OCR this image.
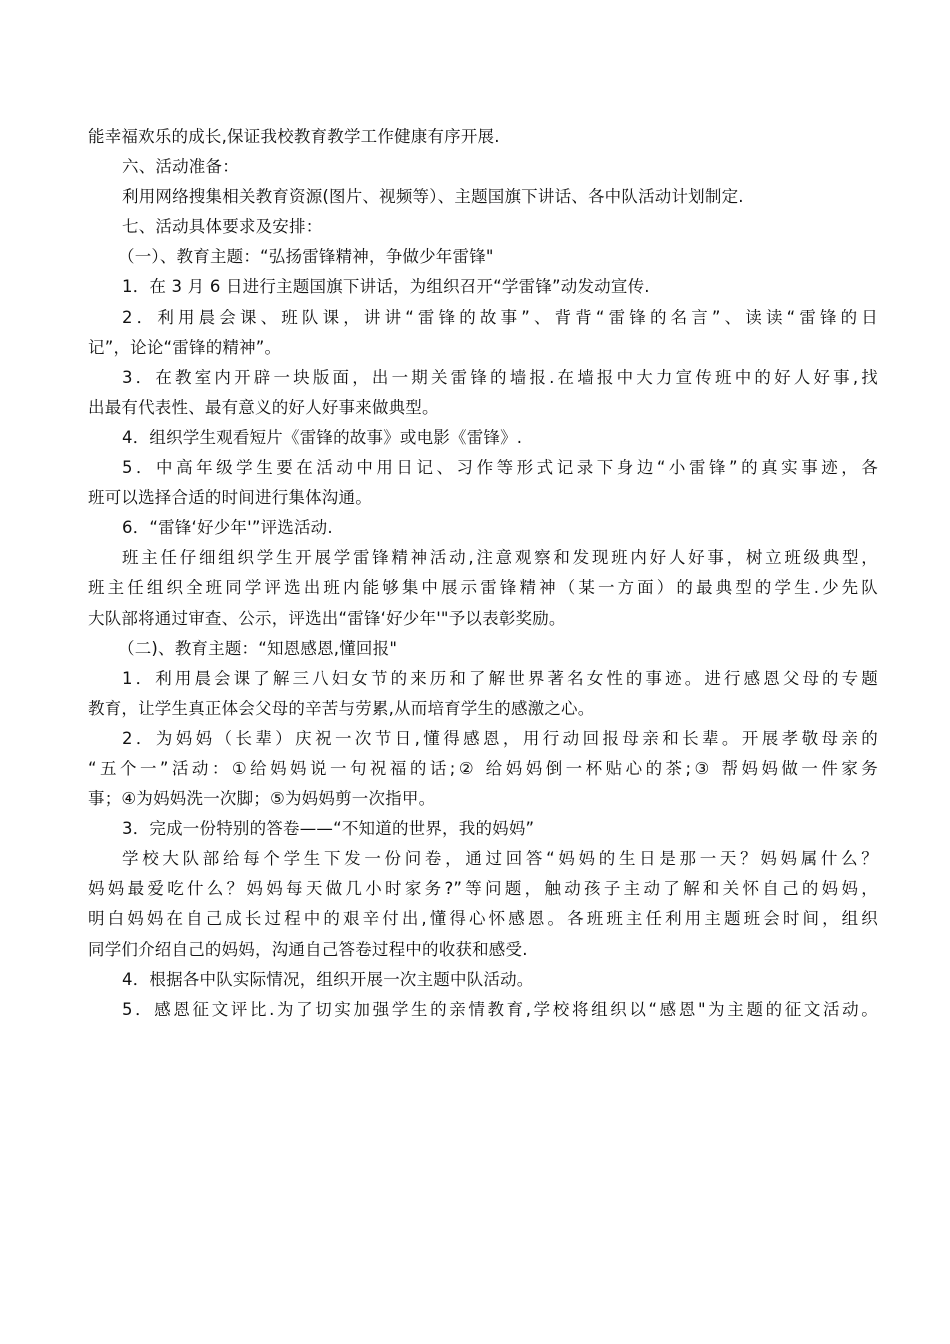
能幸福欢乐的成长,保证我校教育教学工作健康有序开展.
六、活动准备：
利用网络搜集相关教育资源(图片、视频等）、主题国旗下讲话、各中队活动计划制定.
七、活动具体要求及安排：
（一）、教育主题：“弘扬雷锋精神，争做少年雷锋"
1．在 3 月 6 日进行主题国旗下讲话，为组织召开“学雷锋”动发动宣传.
2．利用晨会课、班队课，讲讲“雷锋的故事”、背背“雷锋的名言”、读读“雷锋的日
记”，论论“雷锋的精神”。
3．在教室内开辟一块版面，出一期关雷锋的墙报.在墙报中大力宣传班中的好人好事,找
出最有代表性、最有意义的好人好事来做典型。
4．组织学生观看短片《雷锋的故事》或电影《雷锋》.
5．中高年级学生要在活动中用日记、习作等形式记录下身边“小雷锋”的真实事迹，各
班可以选择合适的时间进行集体沟通。
6．“雷锋‘好少年'”评选活动.
班主任仔细组织学生开展学雷锋精神活动,注意观察和发现班内好人好事，树立班级典型，
班主任组织全班同学评选出班内能够集中展示雷锋精神（某一方面）的最典型的学生.少先队
大队部将通过审查、公示，评选出“雷锋‘好少年'"予以表彰奖励。
（二)、教育主题：“知恩感恩,懂回报"
1．利用晨会课了解三八妇女节的来历和了解世界著名女性的事迹。进行感恩父母的专题
教育，让学生真正体会父母的辛苦与劳累,从而培育学生的感激之心。
2．为妈妈（长辈）庆祝一次节日,懂得感恩，用行动回报母亲和长辈。开展孝敬母亲的
“五个一”活动：①给妈妈说一句祝福的话;② 给妈妈倒一杯贴心的茶;③ 帮妈妈做一件家务
事；④为妈妈洗一次脚；⑤为妈妈剪一次指甲。
3．完成一份特别的答卷——“不知道的世界，我的妈妈”
学校大队部给每个学生下发一份问卷，通过回答“妈妈的生日是那一天？妈妈属什么？
妈妈最爱吃什么？妈妈每天做几小时家务?”等问题，触动孩子主动了解和关怀自己的妈妈，
明白妈妈在自己成长过程中的艰辛付出,懂得心怀感恩。各班班主任利用主题班会时间，组织
同学们介绍自己的妈妈，沟通自己答卷过程中的收获和感受.
4．根据各中队实际情况，组织开展一次主题中队活动。
5．感恩征文评比.为了切实加强学生的亲情教育,学校将组织以“感恩"为主题的征文活动。
